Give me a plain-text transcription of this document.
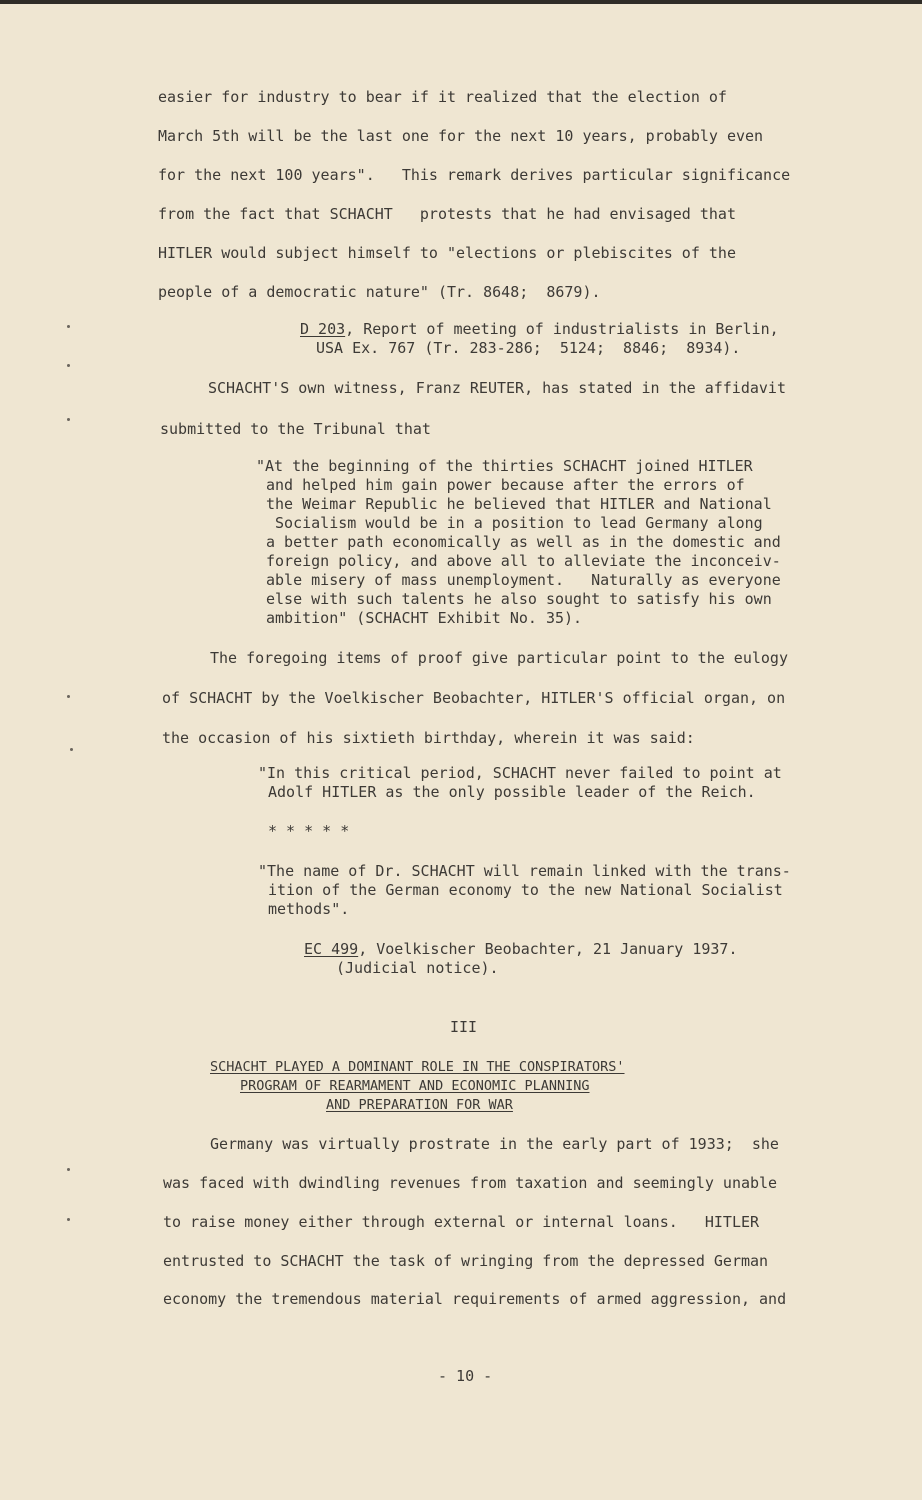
easier for industry to bear if it realized that the election of
March 5th will be the last one for the next 10 years, probably even
for the next 100 years".   This remark derives particular significance
from the fact that SCHACHT   protests that he had envisaged that
HITLER would subject himself to "elections or plebiscites of the
people of a democratic nature" (Tr. 8648;  8679).
D 203, Report of meeting of industrialists in Berlin,
USA Ex. 767 (Tr. 283-286;  5124;  8846;  8934).
SCHACHT'S own witness, Franz REUTER, has stated in the affidavit
submitted to the Tribunal that
"At the beginning of the thirties SCHACHT joined HITLER
and helped him gain power because after the errors of
the Weimar Republic he believed that HITLER and National
Socialism would be in a position to lead Germany along
a better path economically as well as in the domestic and
foreign policy, and above all to alleviate the inconceiv-
able misery of mass unemployment.   Naturally as everyone
else with such talents he also sought to satisfy his own
ambition" (SCHACHT Exhibit No. 35).
The foregoing items of proof give particular point to the eulogy
of SCHACHT by the Voelkischer Beobachter, HITLER'S official organ, on
the occasion of his sixtieth birthday, wherein it was said:
"In this critical period, SCHACHT never failed to point at
Adolf HITLER as the only possible leader of the Reich.
* * * * *
"The name of Dr. SCHACHT will remain linked with the trans-
ition of the German economy to the new National Socialist
methods".
EC 499, Voelkischer Beobachter, 21 January 1937.
(Judicial notice).
III
SCHACHT PLAYED A DOMINANT ROLE IN THE CONSPIRATORS'
PROGRAM OF REARMAMENT AND ECONOMIC PLANNING
AND PREPARATION FOR WAR
Germany was virtually prostrate in the early part of 1933;  she
was faced with dwindling revenues from taxation and seemingly unable
to raise money either through external or internal loans.   HITLER
entrusted to SCHACHT the task of wringing from the depressed German
economy the tremendous material requirements of armed aggression, and
- 10 -
